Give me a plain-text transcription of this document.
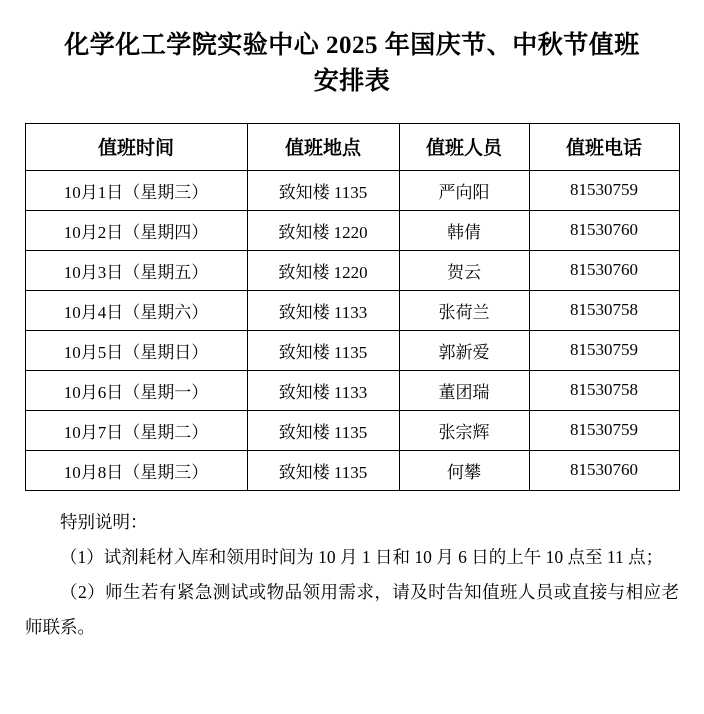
化学化工学院实验中心 2025 年国庆节、中秋节值班安排表
值班时间	值班地点	值班人员	值班电话
10月1日（星期三）	致知楼 1135	严向阳	81530759
10月2日（星期四）	致知楼 1220	韩倩	81530760
10月3日（星期五）	致知楼 1220	贺云	81530760
10月4日（星期六）	致知楼 1133	张荷兰	81530758
10月5日（星期日）	致知楼 1135	郭新爱	81530759
10月6日（星期一）	致知楼 1133	董团瑞	81530758
10月7日（星期二）	致知楼 1135	张宗辉	81530759
10月8日（星期三）	致知楼 1135	何攀	81530760
特别说明：
（1）试剂耗材入库和领用时间为 10 月 1 日和 10 月 6 日的上午 10 点至 11 点；
（2）师生若有紧急测试或物品领用需求，请及时告知值班人员或直接与相应老师联系。
